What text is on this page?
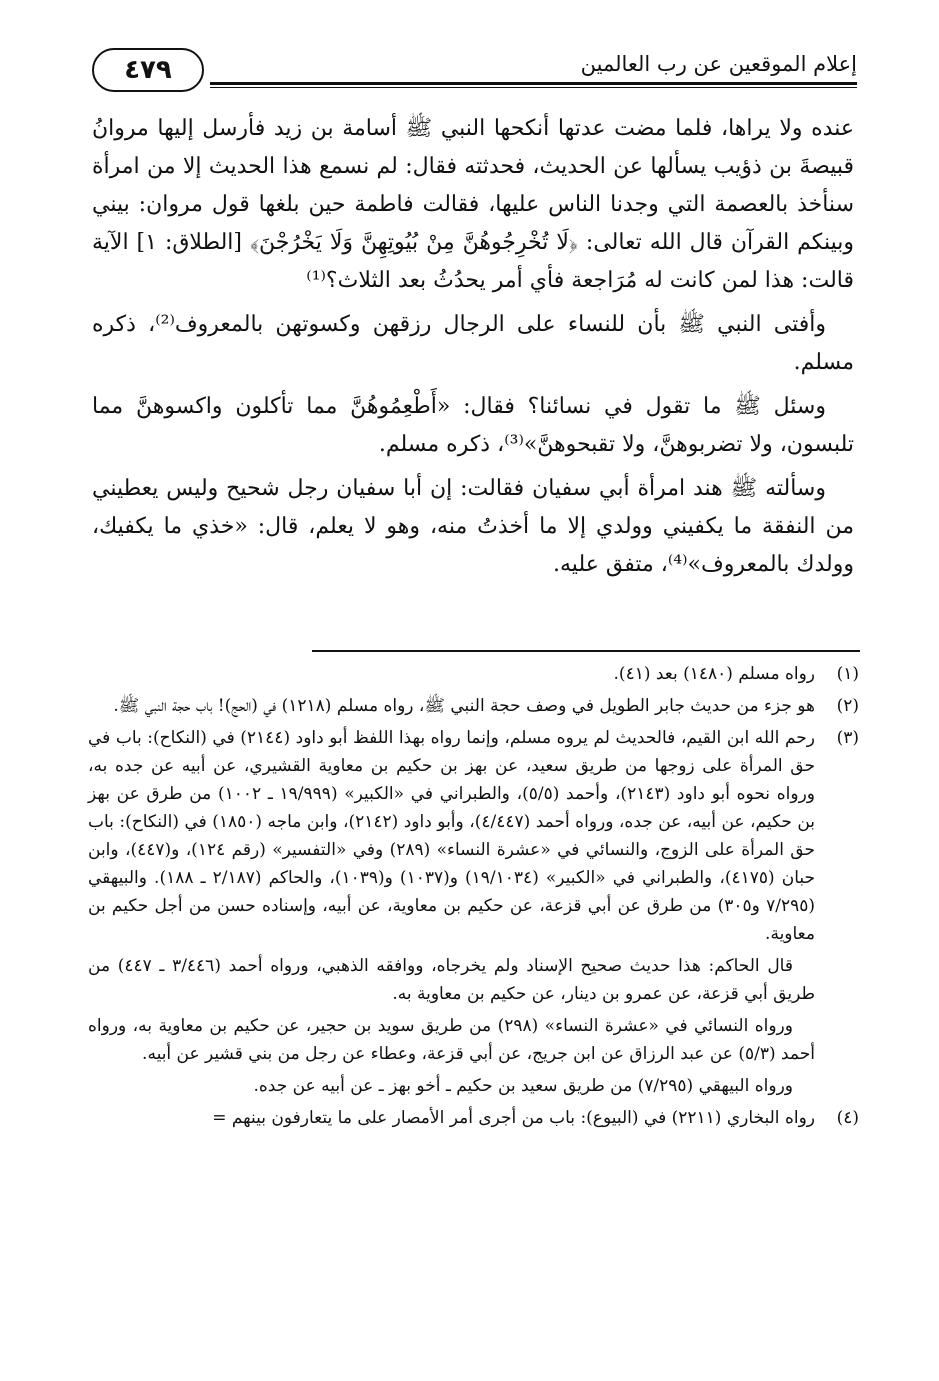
إعلام الموقعين عن رب العالمين
٤٧٩

عنده ولا يراها، فلما مضت عدتها أنكحها النبي ﷺ أسامة بن زيد فأرسل إليها مروانُ قبيصةَ بن ذؤيب يسألها عن الحديث، فحدثته فقال: لم نسمع هذا الحديث إلا من امرأة سنأخذ بالعصمة التي وجدنا الناس عليها، فقالت فاطمة حين بلغها قول مروان: بيني وبينكم القرآن قال الله تعالى: ﴿لَا تُخْرِجُوهُنَّ مِنْ بُيُوتِهِنَّ وَلَا يَخْرُجْنَ﴾ [الطلاق: ١] الآية قالت: هذا لمن كانت له مُرَاجعة فأي أمر يحدُثُ بعد الثلاث؟⁽¹⁾

وأفتى النبي ﷺ بأن للنساء على الرجال رزقهن وكسوتهن بالمعروف⁽²⁾، ذكره مسلم.

وسئل ﷺ ما تقول في نسائنا؟ فقال: «أَطْعِمُوهُنَّ مما تأكلون واكسوهنَّ مما تلبسون، ولا تضربوهنَّ، ولا تقبحوهنَّ»⁽³⁾، ذكره مسلم.

وسألته ﷺ هند امرأة أبي سفيان فقالت: إن أبا سفيان رجل شحيح وليس يعطيني من النفقة ما يكفيني وولدي إلا ما أخذتُ منه، وهو لا يعلم، قال: «خذي ما يكفيك، وولدك بالمعروف»⁽⁴⁾، متفق عليه.

(١)
رواه مسلم (١٤٨٠) بعد (٤١).
(٢)
هو جزء من حديث جابر الطويل في وصف حجة النبي ﷺ، رواه مسلم (١٢١٨) في (الحج)! باب حجة النبي ﷺ.
(٣)
رحم الله ابن القيم، فالحديث لم يروه مسلم، وإنما رواه بهذا اللفظ أبو داود (٢١٤٤) في (النكاح): باب في حق المرأة على زوجها من طريق سعيد، عن بهز بن حكيم بن معاوية القشيري، عن أبيه عن جده به، ورواه نحوه أبو داود (٢١٤٣)، وأحمد (٥/٥)، والطبراني في «الكبير» (١٩/٩٩٩ ـ ١٠٠٢) من طرق عن بهز بن حكيم، عن أبيه، عن جده، ورواه أحمد (٤/٤٤٧)، وأبو داود (٢١٤٢)، وابن ماجه (١٨٥٠) في (النكاح): باب حق المرأة على الزوج، والنسائي في «عشرة النساء» (٢٨٩) وفي «التفسير» (رقم ١٢٤)، و(٤٤٧)، وابن حبان (٤١٧٥)، والطبراني في «الكبير» (١٩/١٠٣٤) و(١٠٣٧) و(١٠٣٩)، والحاكم (٢/١٨٧ ـ ١٨٨). والبيهقي (٧/٢٩٥ و٣٠٥) من طرق عن أبي قزعة، عن حكيم بن معاوية، عن أبيه، وإسناده حسن من أجل حكيم بن معاوية.
قال الحاكم: هذا حديث صحيح الإسناد ولم يخرجاه، ووافقه الذهبي، ورواه أحمد (٣/٤٤٦ ـ ٤٤٧) من طريق أبي قزعة، عن عمرو بن دينار، عن حكيم بن معاوية به.
ورواه النسائي في «عشرة النساء» (٢٩٨) من طريق سويد بن حجير، عن حكيم بن معاوية به، ورواه أحمد (٥/٣) عن عبد الرزاق عن ابن جريج، عن أبي قزعة، وعطاء عن رجل من بني قشير عن أبيه.
ورواه البيهقي (٧/٢٩٥) من طريق سعيد بن حكيم ـ أخو بهز ـ عن أبيه عن جده.
(٤)
رواه البخاري (٢٢١١) في (البيوع): باب من أجرى أمر الأمصار على ما يتعارفون بينهم =
